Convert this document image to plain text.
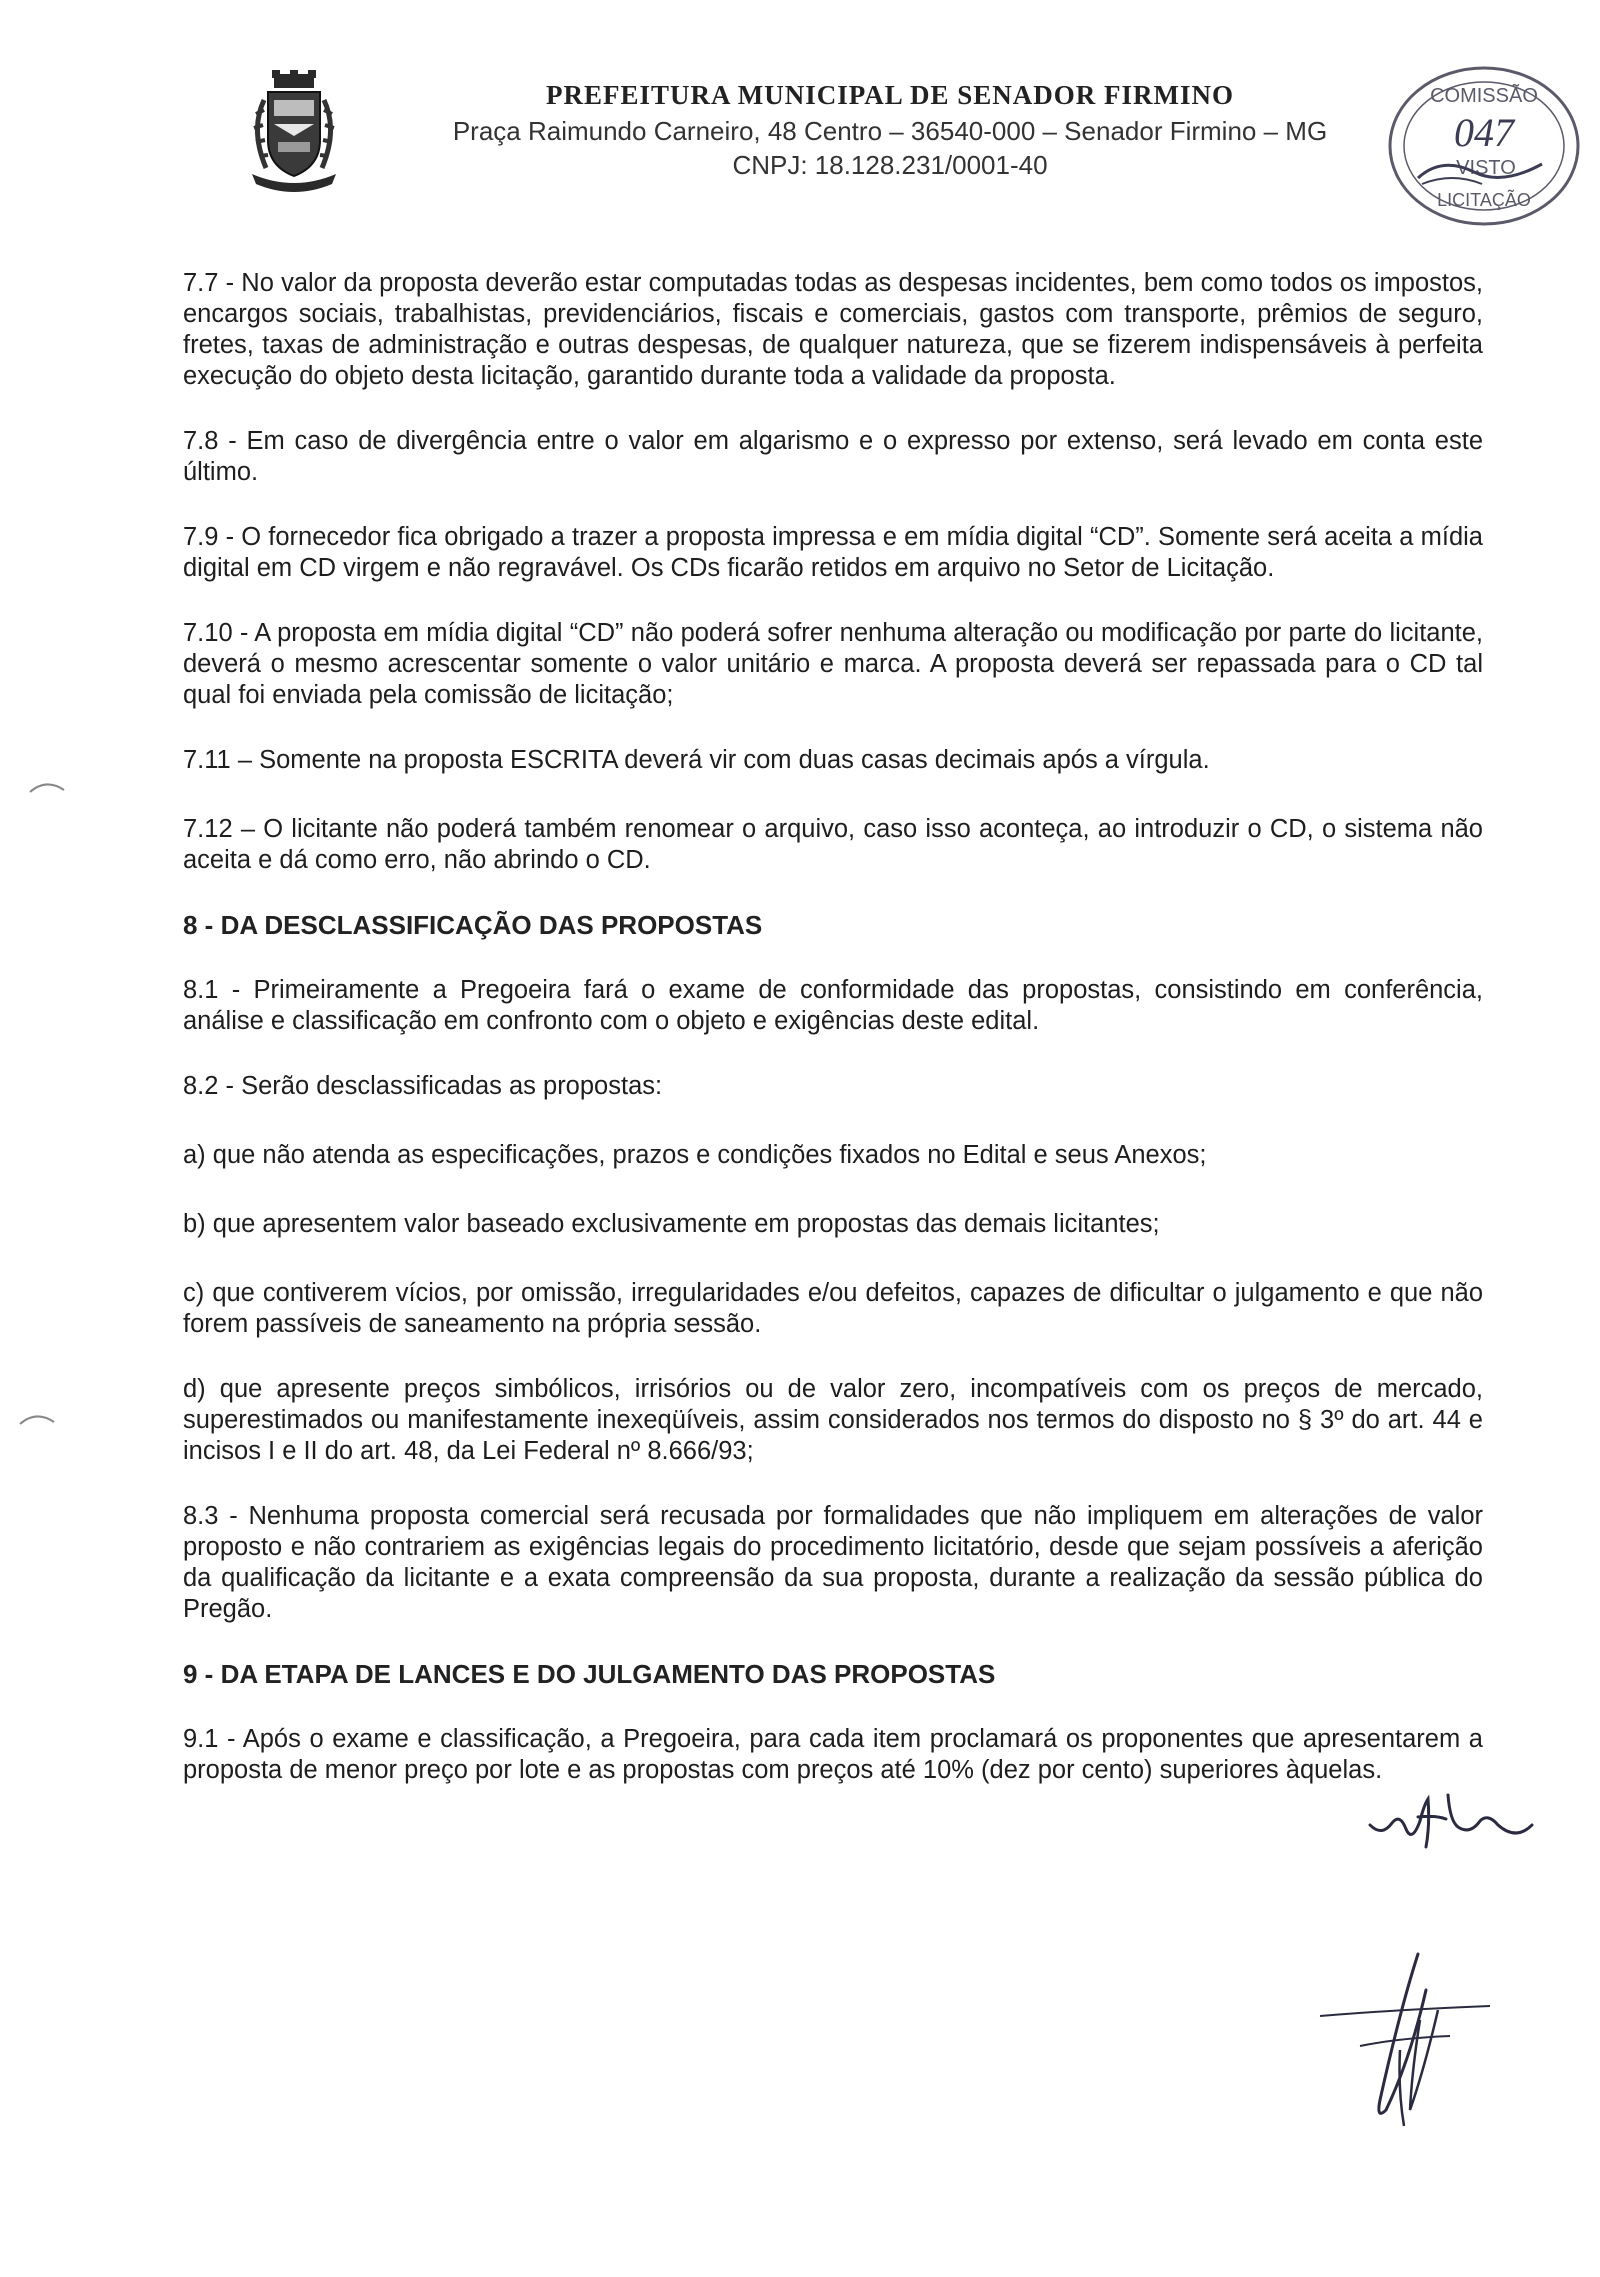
PREFEITURA MUNICIPAL DE SENADOR FIRMINO
Praça Raimundo Carneiro, 48 Centro – 36540-000 – Senador Firmino – MG
CNPJ: 18.128.231/0001-40
COMISSÃO
047
VISTO
LICITAÇÃO

7.7 - No valor da proposta deverão estar computadas todas as despesas incidentes, bem como todos os impostos, encargos sociais, trabalhistas, previdenciários, fiscais e comerciais, gastos com transporte, prêmios de seguro, fretes, taxas de administração e outras despesas, de qualquer natureza, que se fizerem indispensáveis à perfeita execução do objeto desta licitação, garantido durante toda a validade da proposta.

7.8 - Em caso de divergência entre o valor em algarismo e o expresso por extenso, será levado em conta este último.

7.9 - O fornecedor fica obrigado a trazer a proposta impressa e em mídia digital “CD”. Somente será aceita a mídia digital em CD virgem e não regravável. Os CDs ficarão retidos em arquivo no Setor de Licitação.

7.10 - A proposta em mídia digital “CD” não poderá sofrer nenhuma alteração ou modificação por parte do licitante, deverá o mesmo acrescentar somente o valor unitário e marca. A proposta deverá ser repassada para o CD tal qual foi enviada pela comissão de licitação;

7.11 – Somente na proposta ESCRITA deverá vir com duas casas decimais após a vírgula.

7.12 – O licitante não poderá também renomear o arquivo, caso isso aconteça, ao introduzir o CD, o sistema não aceita e dá como erro, não abrindo o CD.

8 - DA DESCLASSIFICAÇÃO DAS PROPOSTAS

8.1 - Primeiramente a Pregoeira fará o exame de conformidade das propostas, consistindo em conferência, análise e classificação em confronto com o objeto e exigências deste edital.

8.2 - Serão desclassificadas as propostas:

a) que não atenda as especificações, prazos e condições fixados no Edital e seus Anexos;

b) que apresentem valor baseado exclusivamente em propostas das demais licitantes;

c) que contiverem vícios, por omissão, irregularidades e/ou defeitos, capazes de dificultar o julgamento e que não forem passíveis de saneamento na própria sessão.

d) que apresente preços simbólicos, irrisórios ou de valor zero, incompatíveis com os preços de mercado, superestimados ou manifestamente inexeqüíveis, assim considerados nos termos do disposto no § 3º do art. 44 e incisos I e II do art. 48, da Lei Federal nº 8.666/93;

8.3 - Nenhuma proposta comercial será recusada por formalidades que não impliquem em alterações de valor proposto e não contrariem as exigências legais do procedimento licitatório, desde que sejam possíveis a aferição da qualificação da licitante e a exata compreensão da sua proposta, durante a realização da sessão pública do Pregão.

9 - DA ETAPA DE LANCES E DO JULGAMENTO DAS PROPOSTAS

9.1 - Após o exame e classificação, a Pregoeira, para cada item proclamará os proponentes que apresentarem a proposta de menor preço por lote e as propostas com preços até 10% (dez por cento) superiores àquelas.
